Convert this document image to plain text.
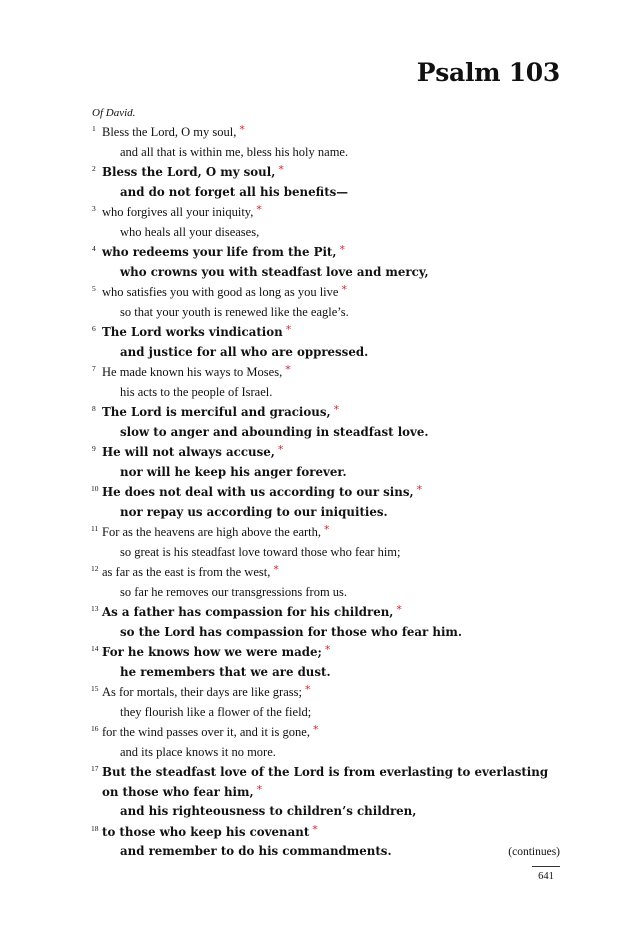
Psalm 103
Of David.
1 Bless the Lord, O my soul, *
and all that is within me, bless his holy name.
2 Bless the Lord, O my soul, *
and do not forget all his benefits—
3 who forgives all your iniquity, *
who heals all your diseases,
4 who redeems your life from the Pit, *
who crowns you with steadfast love and mercy,
5 who satisfies you with good as long as you live *
so that your youth is renewed like the eagle’s.
6 The Lord works vindication *
and justice for all who are oppressed.
7 He made known his ways to Moses, *
his acts to the people of Israel.
8 The Lord is merciful and gracious, *
slow to anger and abounding in steadfast love.
9 He will not always accuse, *
nor will he keep his anger forever.
10 He does not deal with us according to our sins, *
nor repay us according to our iniquities.
11 For as the heavens are high above the earth, *
so great is his steadfast love toward those who fear him;
12 as far as the east is from the west, *
so far he removes our transgressions from us.
13 As a father has compassion for his children, *
so the Lord has compassion for those who fear him.
14 For he knows how we were made; *
he remembers that we are dust.
15 As for mortals, their days are like grass; *
they flourish like a flower of the field;
16 for the wind passes over it, and it is gone, *
and its place knows it no more.
17 But the steadfast love of the Lord is from everlasting to everlasting
on those who fear him, *
and his righteousness to children’s children,
18 to those who keep his covenant *
and remember to do his commandments.	(continues)
641
